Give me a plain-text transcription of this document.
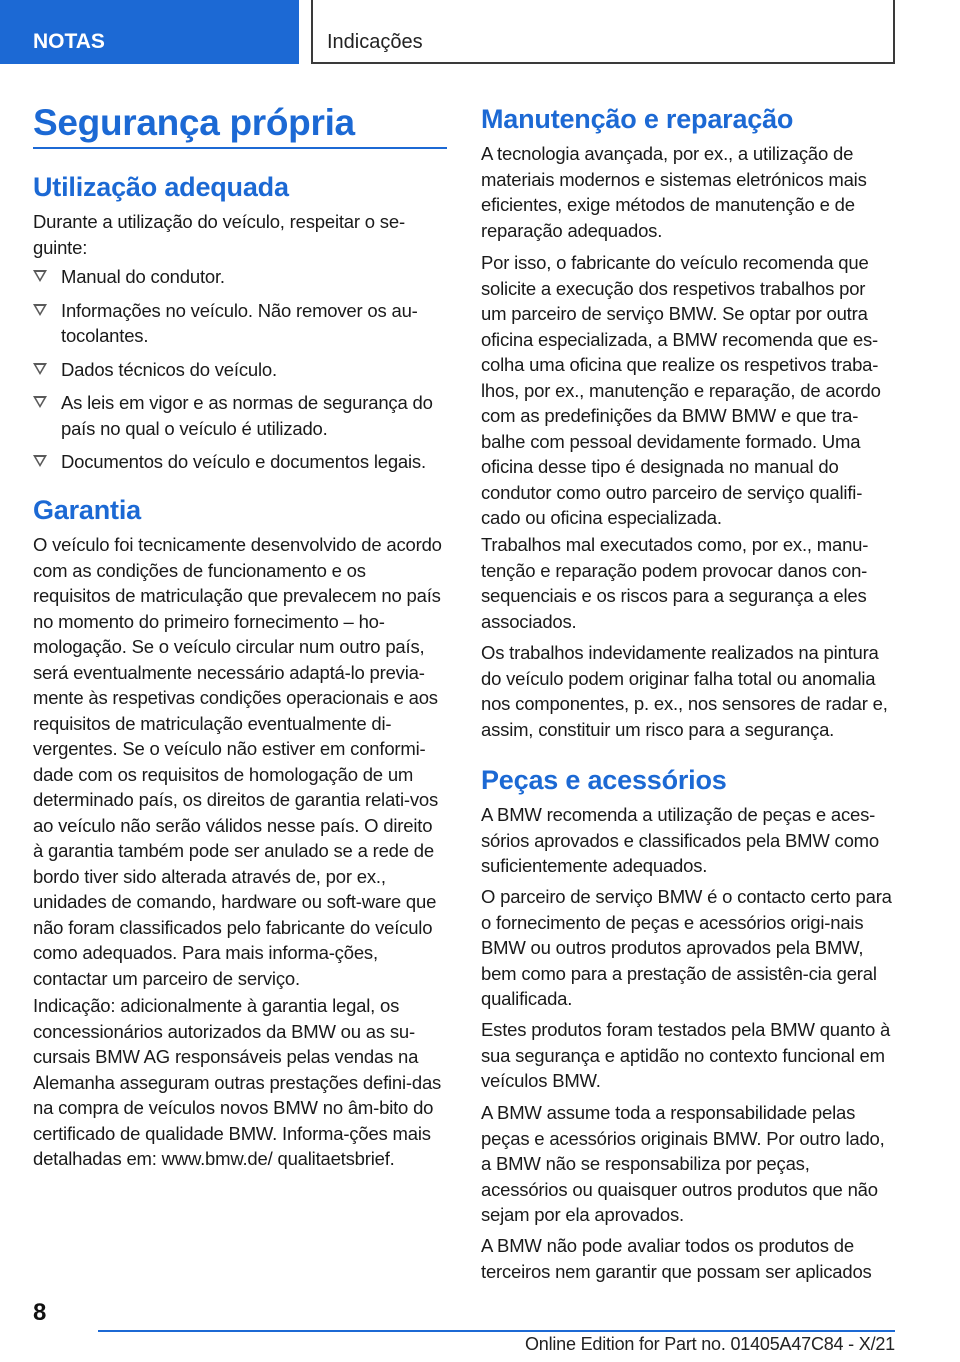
NOTAS	Indicações
Segurança própria
Utilização adequada

Durante a utilização do veículo, respeitar o se-guinte:

Manual do condutor.
Informações no veículo. Não remover os au-tocolantes.
Dados técnicos do veículo.
As leis em vigor e as normas de segurança do país no qual o veículo é utilizado.
Documentos do veículo e documentos legais.
Garantia

O veículo foi tecnicamente desenvolvido de acordo com as condições de funcionamento e os requisitos de matriculação que prevalecem no país no momento do primeiro fornecimento – ho-mologação. Se o veículo circular num outro país, será eventualmente necessário adaptá-lo previa-mente às respetivas condições operacionais e aos requisitos de matriculação eventualmente di-vergentes. Se o veículo não estiver em conformi-dade com os requisitos de homologação de um determinado país, os direitos de garantia relati-vos ao veículo não serão válidos nesse país. O direito à garantia também pode ser anulado se a rede de bordo tiver sido alterada através de, por ex., unidades de comando, hardware ou soft-ware que não foram classificados pelo fabricante do veículo como adequados. Para mais informa-ções, contactar um parceiro de serviço.

Indicação: adicionalmente à garantia legal, os concessionários autorizados da BMW ou as su-cursais BMW AG responsáveis pelas vendas na Alemanha asseguram outras prestações defini-das na compra de veículos novos BMW no âm-bito do certificado de qualidade BMW. Informa-ções mais detalhadas em: www.bmw.de/ qualitaetsbrief.

Manutenção e reparação

A tecnologia avançada, por ex., a utilização de materiais modernos e sistemas eletrónicos mais eficientes, exige métodos de manutenção e de reparação adequados.

Por isso, o fabricante do veículo recomenda que solicite a execução dos respetivos trabalhos por um parceiro de serviço BMW. Se optar por outra oficina especializada, a BMW recomenda que es-colha uma oficina que realize os respetivos traba-lhos, por ex., manutenção e reparação, de acordo com as predefinições da BMW BMW e que tra-balhe com pessoal devidamente formado. Uma oficina desse tipo é designada no manual do condutor como outro parceiro de serviço qualifi-cado ou oficina especializada.

Trabalhos mal executados como, por ex., manu-tenção e reparação podem provocar danos con-sequenciais e os riscos para a segurança a eles associados.

Os trabalhos indevidamente realizados na pintura do veículo podem originar falha total ou anomalia nos componentes, p. ex., nos sensores de radar e, assim, constituir um risco para a segurança.

Peças e acessórios

A BMW recomenda a utilização de peças e aces-sórios aprovados e classificados pela BMW como suficientemente adequados.

O parceiro de serviço BMW é o contacto certo para o fornecimento de peças e acessórios origi-nais BMW ou outros produtos aprovados pela BMW, bem como para a prestação de assistên-cia geral qualificada.

Estes produtos foram testados pela BMW quanto à sua segurança e aptidão no contexto funcional em veículos BMW.

A BMW assume toda a responsabilidade pelas peças e acessórios originais BMW. Por outro lado, a BMW não se responsabiliza por peças, acessórios ou quaisquer outros produtos que não sejam por ela aprovados.

A BMW não pode avaliar todos os produtos de terceiros nem garantir que possam ser aplicados

8
Online Edition for Part no. 01405A47C84 - X/21
